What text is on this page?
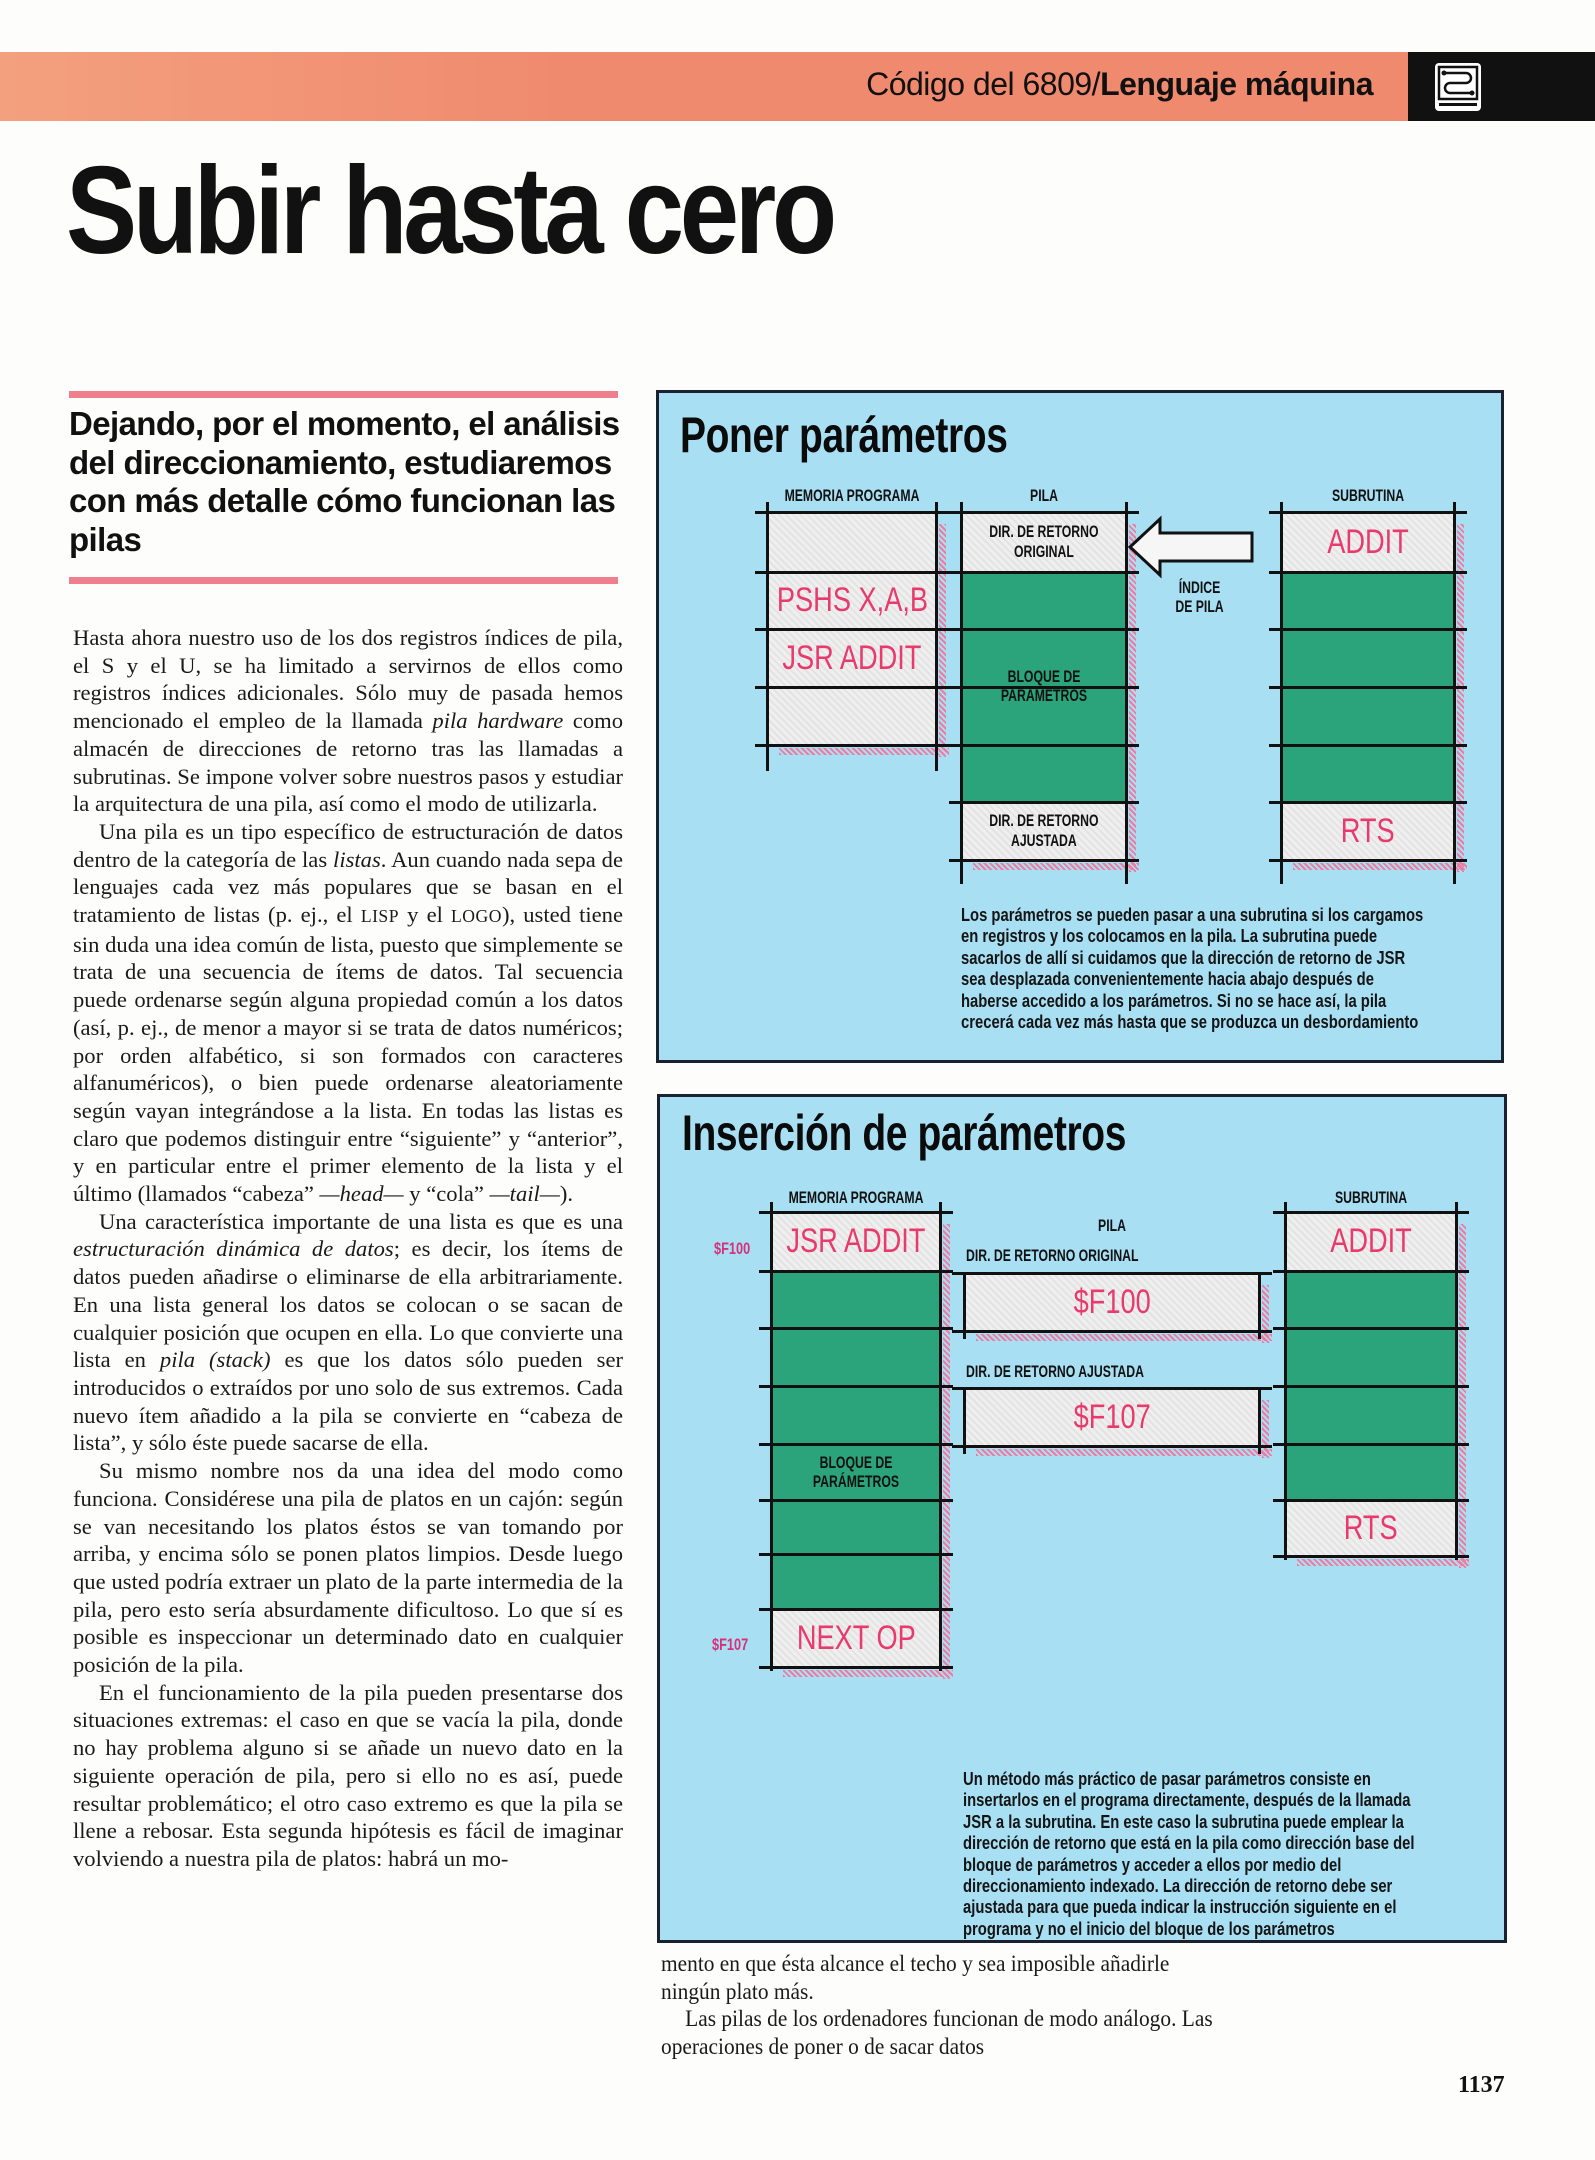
Código del 6809/Lenguaje máquina
Subir hasta cero
Dejando, por el momento, el análisis del direccionamiento, estudiaremos con más detalle cómo funcionan las pilas

Hasta ahora nuestro uso de los dos registros índices de pila, el S y el U, se ha limitado a servirnos de ellos como registros índices adicionales. Sólo muy de pasada hemos mencionado el empleo de la llamada pila hardware como almacén de direcciones de retorno tras las llamadas a subrutinas. Se impone volver sobre nuestros pasos y estudiar la arquitectura de una pila, así como el modo de utilizarla.

Una pila es un tipo específico de estructuración de datos dentro de la categoría de las listas. Aun cuando nada sepa de lenguajes cada vez más populares que se basan en el tratamiento de listas (p. ej., el LISP y el LOGO), usted tiene sin duda una idea común de lista, puesto que simplemente se trata de una secuencia de ítems de datos. Tal secuencia puede ordenarse según alguna propiedad común a los datos (así, p. ej., de menor a mayor si se trata de datos numéricos; por orden alfabético, si son formados con caracteres alfanuméricos), o bien puede ordenarse aleatoriamente según vayan integrándose a la lista. En todas las listas es claro que podemos distinguir entre “siguiente” y “anterior”, y en particular entre el primer elemento de la lista y el último (llamados “cabeza” —head— y “cola” —tail—).

Una característica importante de una lista es que es una estructuración dinámica de datos; es decir, los ítems de datos pueden añadirse o eliminarse de ella arbitrariamente. En una lista general los datos se colocan o se sacan de cualquier posición que ocupen en ella. Lo que convierte una lista en pila (stack) es que los datos sólo pueden ser introducidos o extraídos por uno solo de sus extremos. Cada nuevo ítem añadido a la pila se convierte en “cabeza de lista”, y sólo éste puede sacarse de ella.

Su mismo nombre nos da una idea del modo como funciona. Considérese una pila de platos en un cajón: según se van necesitando los platos éstos se van tomando por arriba, y encima sólo se ponen platos limpios. Desde luego que usted podría extraer un plato de la parte intermedia de la pila, pero esto sería absurdamente dificultoso. Lo que sí es posible es inspeccionar un determinado dato en cualquier posición de la pila.

En el funcionamiento de la pila pueden presentarse dos situaciones extremas: el caso en que se vacía la pila, donde no hay problema alguno si se añade un nuevo dato en la siguiente operación de pila, pero si ello no es así, puede resultar problemático; el otro caso extremo es que la pila se llene a rebosar. Esta segunda hipótesis es fácil de imaginar volviendo a nuestra pila de platos: habrá un mo-

mento en que ésta alcance el techo y sea imposible añadirle ningún plato más.

Las pilas de los ordenadores funcionan de modo análogo. Las operaciones de poner o de sacar datos

1137
Poner parámetros
MEMORIA PROGRAMA	PILA	SUBRUTINA
PSHS X,A,B
JSR ADDIT
DIR. DE RETORNO
ORIGINAL
DIR. DE RETORNO
AJUSTADA
ADDIT
RTS
BLOQUE DE
PARÁMETROS
ÍNDICE
DE PILA
Los parámetros se pueden pasar a una subrutina si los cargamos
en registros y los colocamos en la pila. La subrutina puede
sacarlos de allí si cuidamos que la dirección de retorno de JSR
sea desplazada convenientemente hacia abajo después de
haberse accedido a los parámetros. Si no se hace así, la pila
crecerá cada vez más hasta que se produzca un desbordamiento
Inserción de parámetros
MEMORIA PROGRAMA
PILA
SUBRUTINA
JSR ADDIT
NEXT OP
ADDIT
RTS
$F100
$F107
BLOQUE DE
PARÁMETROS
$F100
$F107
DIR. DE RETORNO ORIGINAL
DIR. DE RETORNO AJUSTADA
Un método más práctico de pasar parámetros consiste en
insertarlos en el programa directamente, después de la llamada
JSR a la subrutina. En este caso la subrutina puede emplear la
dirección de retorno que está en la pila como dirección base del
bloque de parámetros y acceder a ellos por medio del
direccionamiento indexado. La dirección de retorno debe ser
ajustada para que pueda indicar la instrucción siguiente en el
programa y no el inicio del bloque de los parámetros
